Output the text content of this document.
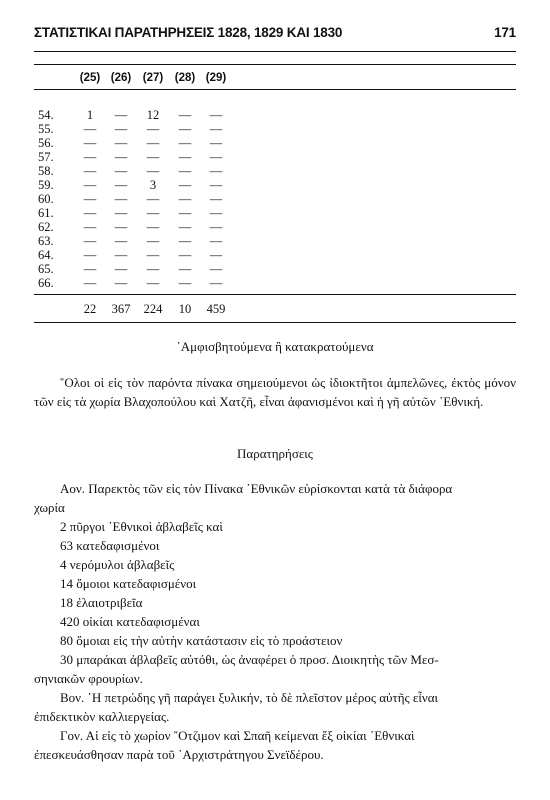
ΣΤΑΤΙΣΤΙΚΑΙ ΠΑΡΑΤΗΡΗΣΕΙΣ 1828, 1829 ΚΑΙ 1830	171
(25) (26) (27) (28) (29)
54.	1 — 12 — —
55. — — — — —
56. — — — — —
57. — — — — —
58. — — — — —
59. — — 3 — —
60. — — — — —
61. — — — — —
62. — — — — —
63. — — — — —
64. — — — — —
65. — — — — —
66. — — — — —
22 367 224 10 459
᾿Αμφισβητούμενα ἢ κατακρατούμενα
῞Ολοι οἱ εἰς τὸν παρόντα πίνακα σημειούμενοι ὡς ἰδιοκτῆτοι ἀμπελῶνες, ἐκτὸς μόνον τῶν εἰς τὰ χωρία Βλαχοπούλου καὶ Χατζῆ, εἶναι ἀφανισμένοι καὶ ἡ γῆ αὐτῶν ᾿Εθνική.
Παρατηρήσεις
Αον. Παρεκτὸς τῶν εἰς τὸν Πίνακα ᾿Εθνικῶν εὑρίσκονται κατὰ τὰ διάφορα
χωρία
2 πῦργοι ᾿Εθνικοὶ ἀβλαβεῖς καὶ
63 κατεδαφισμένοι
4 νερόμυλοι ἀβλαβεῖς
14 ὅμοιοι κατεδαφισμένοι
18 ἐλαιοτριβεῖα
420 οἰκίαι κατεδαφισμέναι
80 ὅμοιαι εἰς τὴν αὐτὴν κατάστασιν εἰς τὸ προάστειον
30 μπαράκαι ἀβλαβεῖς αὐτόθι, ὡς ἀναφέρει ὁ προσ. Διοικητὴς τῶν Μεσ-
σηνιακῶν φρουρίων.
Βον. ῾Η πετρώδης γῆ παράγει ξυλικήν, τὸ δὲ πλεῖστον μέρος αὐτῆς εἶναι
ἐπιδεκτικὸν καλλιεργείας.
Γον. Αἱ εἰς τὸ χωρίον ῎Οτζιμον καὶ Σπαῆ κείμεναι ἕξ οἰκίαι ᾿Εθνικαὶ
ἐπεσκευάσθησαν παρὰ τοῦ ᾿Αρχιστράτηγου Σνεϊδέρου.
